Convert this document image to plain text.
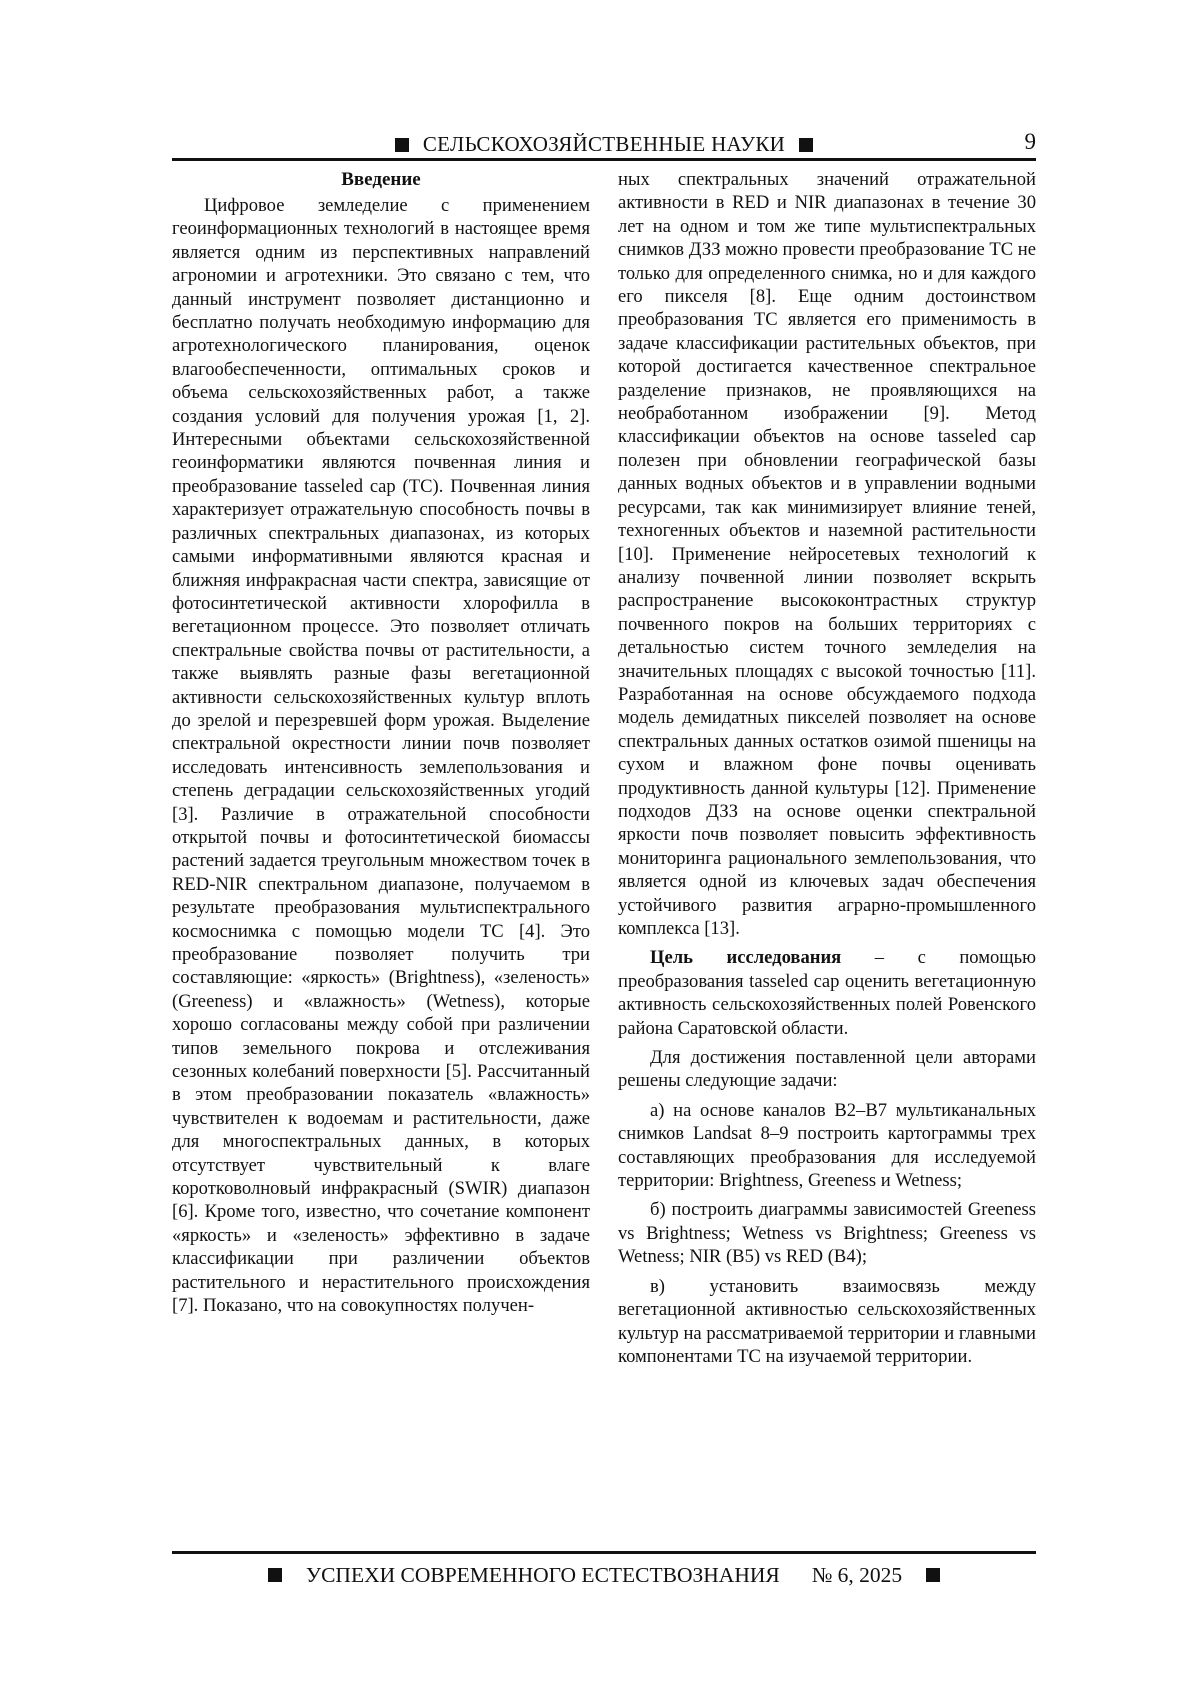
СЕЛЬСКОХОЗЯЙСТВЕННЫЕ НАУКИ	9
Введение

Цифровое земледелие с применением геоинформационных технологий в настоящее время является одним из перспективных направлений агрономии и агротехники. Это связано с тем, что данный инструмент позволяет дистанционно и бесплатно получать необходимую информацию для агротехнологического планирования, оценок влагообеспеченности, оптимальных сроков и объема сельскохозяйственных работ, а также создания условий для получения урожая [1, 2]. Интересными объектами сельскохозяйственной геоинформатики являются почвенная линия и преобразование tasseled cap (TC). Почвенная линия характеризует отражательную способность почвы в различных спектральных диапазонах, из которых самыми информативными являются красная и ближняя инфракрасная части спектра, зависящие от фотосинтетической активности хлорофилла в вегетационном процессе. Это позволяет отличать спектральные свойства почвы от растительности, а также выявлять разные фазы вегетационной активности сельскохозяйственных культур вплоть до зрелой и перезревшей форм урожая. Выделение спектральной окрестности линии почв позволяет исследовать интенсивность землепользования и степень деградации сельскохозяйственных угодий [3]. Различие в отражательной способности открытой почвы и фотосинтетической биомассы растений задается треугольным множеством точек в RED-NIR спектральном диапазоне, получаемом в результате преобразования мультиспектрального космоснимка с помощью модели TC [4]. Это преобразование позволяет получить три составляющие: «яркость» (Brightness), «зеленость» (Greeness) и «влажность» (Wetness), которые хорошо согласованы между собой при различении типов земельного покрова и отслеживания сезонных колебаний поверхности [5]. Рассчитанный в этом преобразовании показатель «влажность» чувствителен к водоемам и растительности, даже для многоспектральных данных, в которых отсутствует чувствительный к влаге коротковолновый инфракрасный (SWIR) диапазон [6]. Кроме того, известно, что сочетание компонент «яркость» и «зеленость» эффективно в задаче классификации при различении объектов растительного и нерастительного происхождения [7]. Показано, что на совокупностях получен-

ных спектральных значений отражательной активности в RED и NIR диапазонах в течение 30 лет на одном и том же типе мультиспектральных снимков ДЗЗ можно провести преобразование TC не только для определенного снимка, но и для каждого его пикселя [8]. Еще одним достоинством преобразования TC является его применимость в задаче классификации растительных объектов, при которой достигается качественное спектральное разделение признаков, не проявляющихся на необработанном изображении [9]. Метод классификации объектов на основе tasseled cap полезен при обновлении географической базы данных водных объектов и в управлении водными ресурсами, так как минимизирует влияние теней, техногенных объектов и наземной растительности [10]. Применение нейросетевых технологий к анализу почвенной линии позволяет вскрыть распространение высококонтрастных структур почвенного покров на больших территориях с детальностью систем точного земледелия на значительных площадях с высокой точностью [11]. Разработанная на основе обсуждаемого подхода модель демидатных пикселей позволяет на основе спектральных данных остатков озимой пшеницы на сухом и влажном фоне почвы оценивать продуктивность данной культуры [12]. Применение подходов ДЗЗ на основе оценки спектральной яркости почв позволяет повысить эффективность мониторинга рационального землепользования, что является одной из ключевых задач обеспечения устойчивого развития аграрно-промышленного комплекса [13].

Цель исследования – с помощью преобразования tasseled cap оценить вегетационную активность сельскохозяйственных полей Ровенского района Саратовской области.

Для достижения поставленной цели авторами решены следующие задачи:

а) на основе каналов B2–B7 мультиканальных снимков Landsat 8–9 построить картограммы трех составляющих преобразования для исследуемой территории: Brightness, Greeness и Wetness;

б) построить диаграммы зависимостей Greeness vs Brightness; Wetness vs Brightness; Greeness vs Wetness; NIR (B5) vs RED (B4);

в) установить взаимосвязь между вегетационной активностью сельскохозяйственных культур на рассматриваемой территории и главными компонентами TC на изучаемой территории.

УСПЕХИ СОВРЕМЕННОГО ЕСТЕСТВОЗНАНИЯ № 6, 2025
